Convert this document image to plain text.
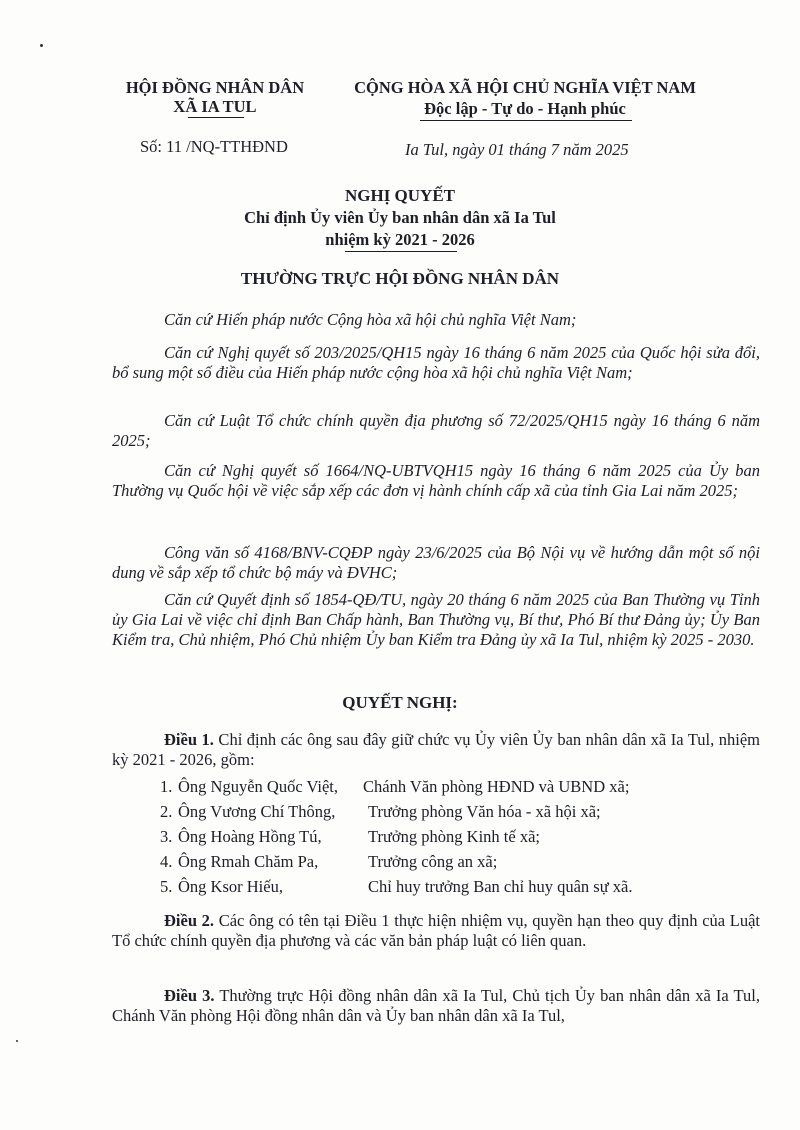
HỘI ĐỒNG NHÂN DÂN
XÃ IA TUL
CỘNG HÒA XÃ HỘI CHỦ NGHĨA VIỆT NAM
Độc lập - Tự do - Hạnh phúc
Số: 11 /NQ-TTHĐND	Ia Tul, ngày 01 tháng 7 năm 2025
NGHỊ QUYẾT
Chỉ định Ủy viên Ủy ban nhân dân xã Ia Tul
nhiệm kỳ 2021 - 2026
THƯỜNG TRỰC HỘI ĐỒNG NHÂN DÂN
Căn cứ Hiến pháp nước Cộng hòa xã hội chủ nghĩa Việt Nam;
Căn cứ Nghị quyết số 203/2025/QH15 ngày 16 tháng 6 năm 2025 của Quốc hội sửa đổi, bổ sung một số điều của Hiến pháp nước cộng hòa xã hội chủ nghĩa Việt Nam;
Căn cứ Luật Tổ chức chính quyền địa phương số 72/2025/QH15 ngày 16 tháng 6 năm 2025;
Căn cứ Nghị quyết số 1664/NQ-UBTVQH15 ngày 16 tháng 6 năm 2025 của Ủy ban Thường vụ Quốc hội về việc sắp xếp các đơn vị hành chính cấp xã của tỉnh Gia Lai năm 2025;
Công văn số 4168/BNV-CQĐP ngày 23/6/2025 của Bộ Nội vụ về hướng dẫn một số nội dung về sắp xếp tổ chức bộ máy và ĐVHC;
Căn cứ Quyết định số 1854-QĐ/TU, ngày 20 tháng 6 năm 2025 của Ban Thường vụ Tỉnh ủy Gia Lai về việc chỉ định Ban Chấp hành, Ban Thường vụ, Bí thư, Phó Bí thư Đảng ủy; Ủy Ban Kiểm tra, Chủ nhiệm, Phó Chủ nhiệm Ủy ban Kiểm tra Đảng ủy xã Ia Tul, nhiệm kỳ 2025 - 2030.
QUYẾT NGHỊ:
Điều 1. Chỉ định các ông sau đây giữ chức vụ Ủy viên Ủy ban nhân dân xã Ia Tul, nhiệm kỳ 2021 - 2026, gồm:
1. Ông Nguyễn Quốc Việt, Chánh Văn phòng HĐND và UBND xã;
2. Ông Vương Chí Thông, Trưởng phòng Văn hóa - xã hội xã;
3. Ông Hoàng Hồng Tú,	Trưởng phòng Kinh tế xã;
4. Ông Rmah Chăm Pa,	Trưởng công an xã;
5. Ông Ksor Hiếu,	Chỉ huy trưởng Ban chỉ huy quân sự xã.
Điều 2. Các ông có tên tại Điều 1 thực hiện nhiệm vụ, quyền hạn theo quy định của Luật Tổ chức chính quyền địa phương và các văn bản pháp luật có liên quan.
Điều 3. Thường trực Hội đồng nhân dân xã Ia Tul, Chủ tịch Ủy ban nhân dân xã Ia Tul, Chánh Văn phòng Hội đồng nhân dân và Ủy ban nhân dân xã Ia Tul,
